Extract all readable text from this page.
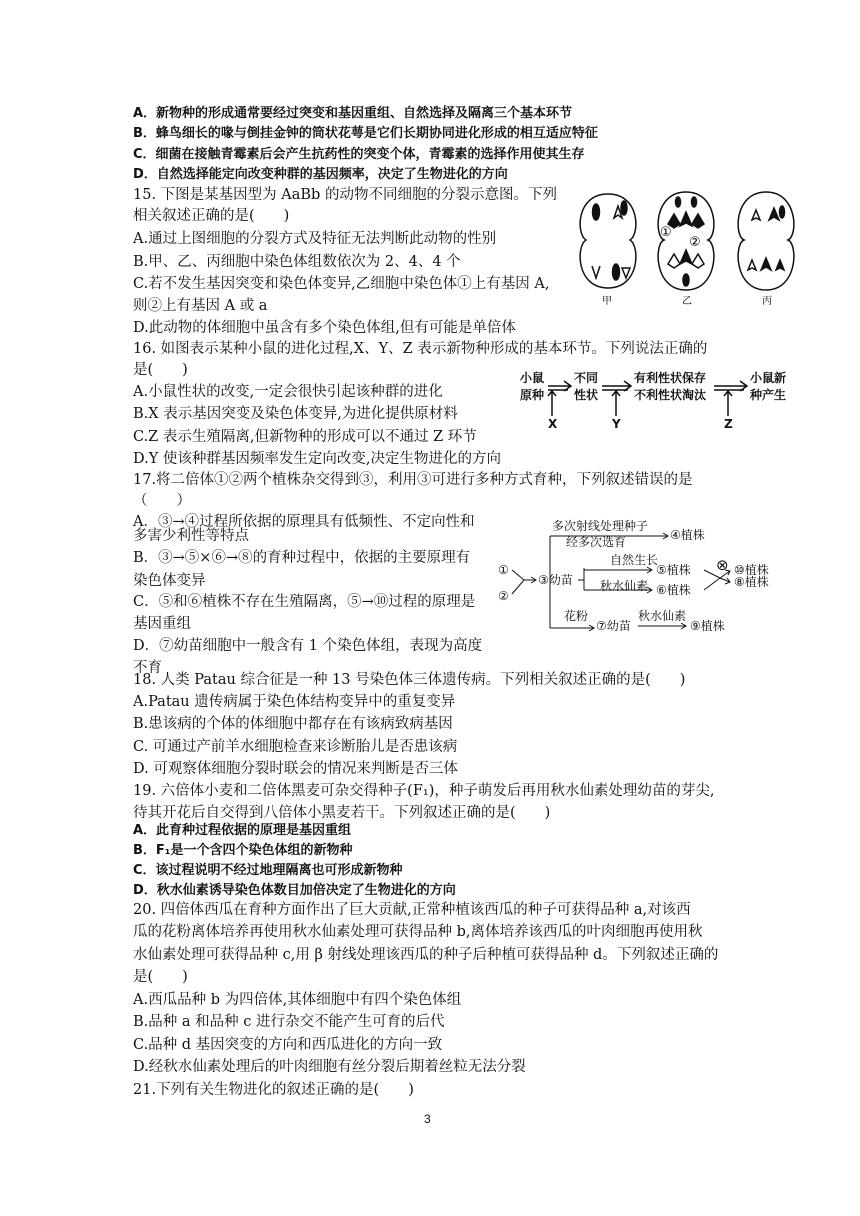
A．新物种的形成通常要经过突变和基因重组、自然选择及隔离三个基本环节
B．蜂鸟细长的喙与倒挂金钟的筒状花萼是它们长期协同进化形成的相互适应特征
C．细菌在接触青霉素后会产生抗药性的突变个体，青霉素的选择作用使其生存
D．自然选择能定向改变种群的基因频率，决定了生物进化的方向
15. 下图是某基因型为 AaBb 的动物不同细胞的分裂示意图。下列
相关叙述正确的是(　　)
A.通过上图细胞的分裂方式及特征无法判断此动物的性别
B.甲、乙、丙细胞中染色体组数依次为 2、4、4 个
C.若不发生基因突变和染色体变异,乙细胞中染色体①上有基因 A,
则②上有基因 A 或 a
D.此动物的体细胞中虽含有多个染色体组,但有可能是单倍体
甲
①
②
乙	丙
16. 如图表示某种小鼠的进化过程,X、Y、Z 表示新物种形成的基本环节。下列说法正确的
是(　　)
A.小鼠性状的改变,一定会很快引起该种群的进化
B.X 表示基因突变及染色体变异,为进化提供原材料
C.Z 表示生殖隔离,但新物种的形成可以不通过 Z 环节
D.Y 使该种群基因频率发生定向改变,决定生物进化的方向
小鼠
原种
不同
性状
有利性状保存
不利性状淘汰
小鼠新
种产生
X	Y	Z
17.将二倍体①②两个植株杂交得到③，利用③可进行多种方式育种，下列叙述错误的是
（　　）
A．③→④过程所依据的原理具有低频性、不定向性和
多害少利性等特点
B．③→⑤×⑥→⑧的育种过程中，依据的主要原理有
染色体变异
C．⑤和⑥植株不存在生殖隔离，⑤→⑩过程的原理是
基因重组
D．⑦幼苗细胞中一般含有 1 个染色体组，表现为高度
不育
①
②
③幼苗
多次射线处理种子
经多次选育	④植株
自然生长
⑤植株
秋水仙素 ⑥植株
⊗ ⑩植株
⑧植株
花粉
⑦幼苗
秋水仙素
⑨植株
18. 人类 Patau 综合征是一种 13 号染色体三体遗传病。下列相关叙述正确的是(　　)
A.Patau 遗传病属于染色体结构变异中的重复变异
B.患该病的个体的体细胞中都存在有该病致病基因
C. 可通过产前羊水细胞检查来诊断胎儿是否患该病
D. 可观察体细胞分裂时联会的情况来判断是否三体
19. 六倍体小麦和二倍体黑麦可杂交得种子(F₁)，种子萌发后再用秋水仙素处理幼苗的芽尖,
待其开花后自交得到八倍体小黑麦若干。下列叙述正确的是(　　)
A．此育种过程依据的原理是基因重组
B．F₁是一个含四个染色体组的新物种
C．该过程说明不经过地理隔离也可形成新物种
D．秋水仙素诱导染色体数目加倍决定了生物进化的方向
20. 四倍体西瓜在育种方面作出了巨大贡献,正常种植该西瓜的种子可获得品种 a,对该西
瓜的花粉离体培养再使用秋水仙素处理可获得品种 b,离体培养该西瓜的叶肉细胞再使用秋
水仙素处理可获得品种 c,用 β 射线处理该西瓜的种子后种植可获得品种 d。下列叙述正确的
是(　　)
A.西瓜品种 b 为四倍体,其体细胞中有四个染色体组
B.品种 a 和品种 c 进行杂交不能产生可育的后代
C.品种 d 基因突变的方向和西瓜进化的方向一致
D.经秋水仙素处理后的叶肉细胞有丝分裂后期着丝粒无法分裂
21.下列有关生物进化的叙述正确的是(　　)
3
